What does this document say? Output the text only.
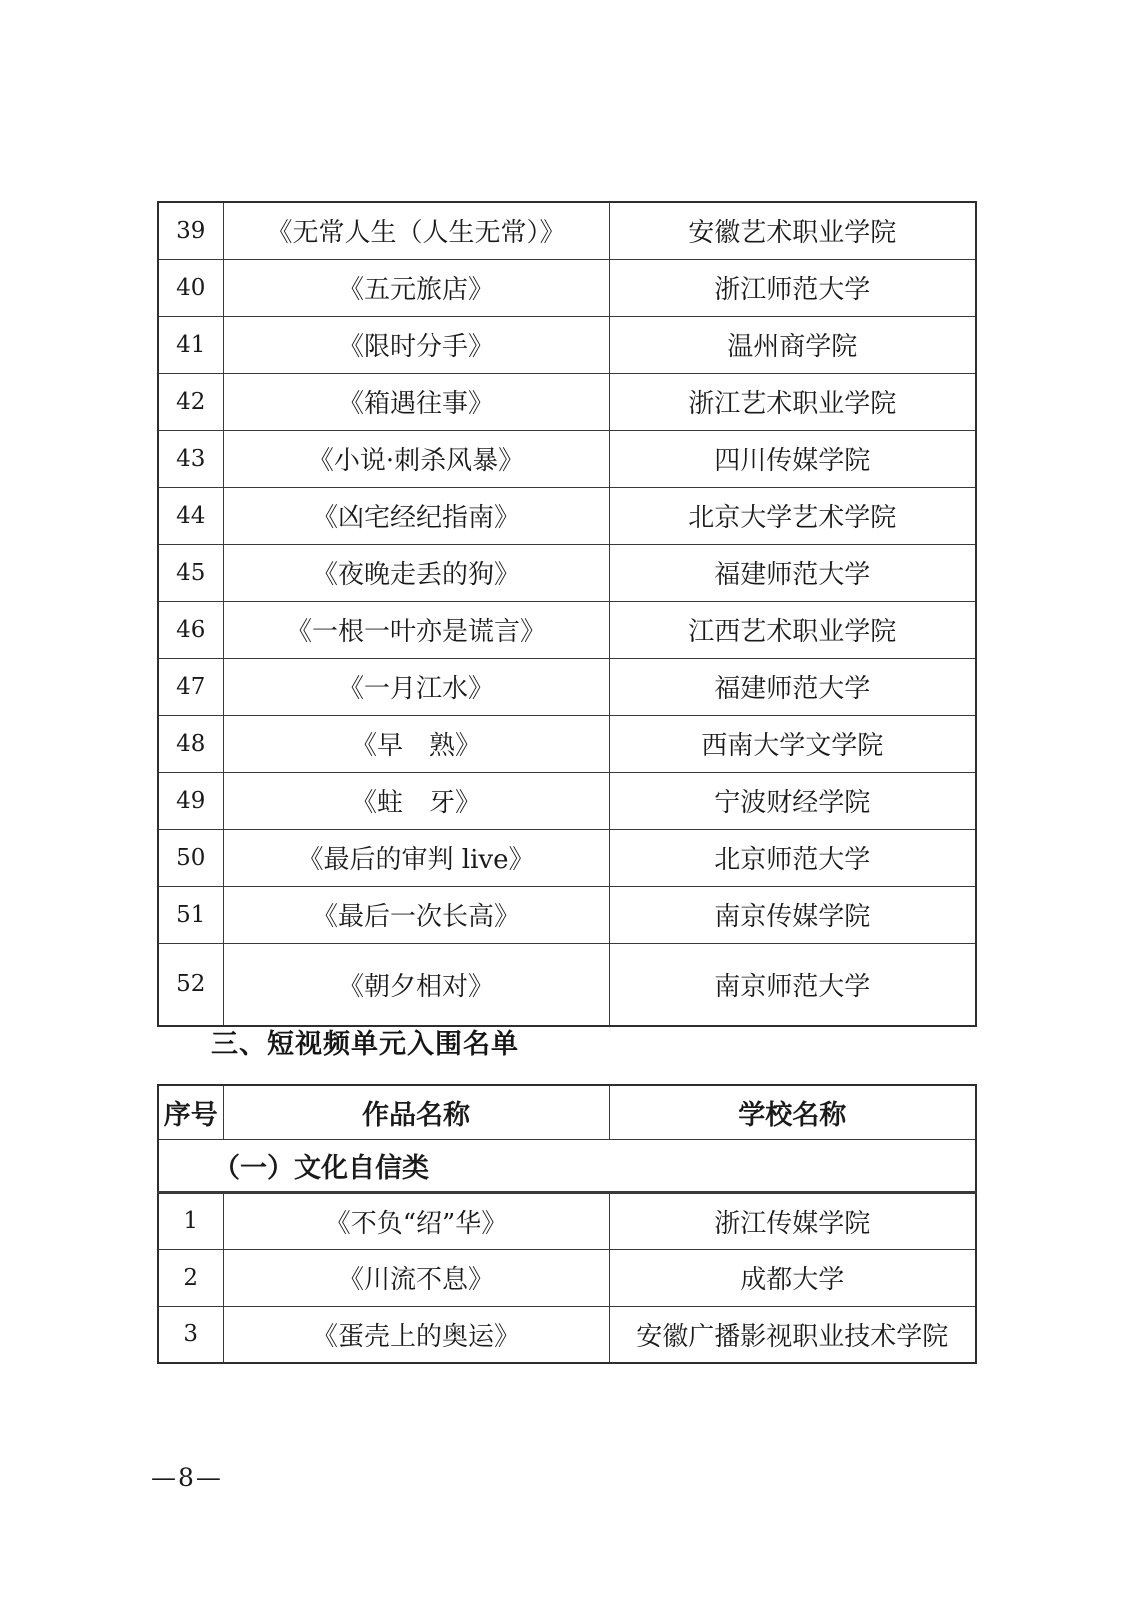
39	《无常人生（人生无常）》	安徽艺术职业学院
40	《五元旅店》	浙江师范大学
41	《限时分手》	温州商学院
42	《箱遇往事》	浙江艺术职业学院
43	《小说·刺杀风暴》	四川传媒学院
44	《凶宅经纪指南》	北京大学艺术学院
45	《夜晚走丢的狗》	福建师范大学
46	《一根一叶亦是谎言》	江西艺术职业学院
47	《一月江水》	福建师范大学
48	《早　熟》	西南大学文学院
49	《蛀　牙》	宁波财经学院
50	《最后的审判 live》	北京师范大学
51	《最后一次长高》	南京传媒学院
52	《朝夕相对》	南京师范大学
三、短视频单元入围名单
序号	作品名称	学校名称
（一）文化自信类		
1	《不负“绍”华》	浙江传媒学院
2	《川流不息》	成都大学
3	《蛋壳上的奥运》	安徽广播影视职业技术学院
—8—
